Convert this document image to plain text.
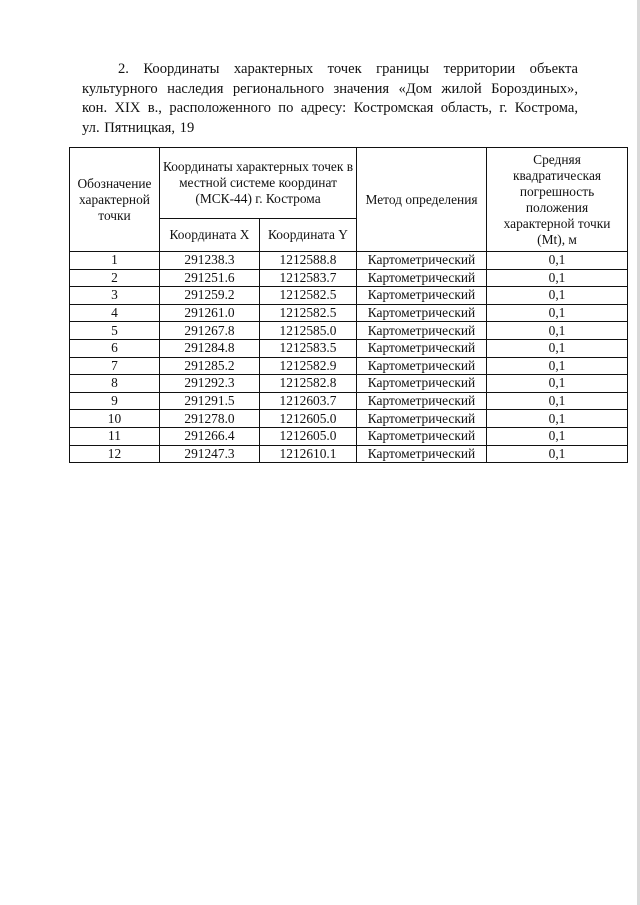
2. Координаты характерных точек границы территории объекта
культурного наследия регионального значения «Дом жилой Бороздиных»,
кон. XIX в., расположенного по адресу: Костромская область, г. Кострома,
ул. Пятницкая, 19

Обозначение характерной точки	Координаты характерных точек в местной системе координат (МСК-44) г. Кострома		Метод определения	Средняя квадратическая погрешность положения характерной точки (Mt), м
	Координата X	Координата Y		
1	291238.3	1212588.8	Картометрический	0,1
2	291251.6	1212583.7	Картометрический	0,1
3	291259.2	1212582.5	Картометрический	0,1
4	291261.0	1212582.5	Картометрический	0,1
5	291267.8	1212585.0	Картометрический	0,1
6	291284.8	1212583.5	Картометрический	0,1
7	291285.2	1212582.9	Картометрический	0,1
8	291292.3	1212582.8	Картометрический	0,1
9	291291.5	1212603.7	Картометрический	0,1
10	291278.0	1212605.0	Картометрический	0,1
11	291266.4	1212605.0	Картометрический	0,1
12	291247.3	1212610.1	Картометрический	0,1
